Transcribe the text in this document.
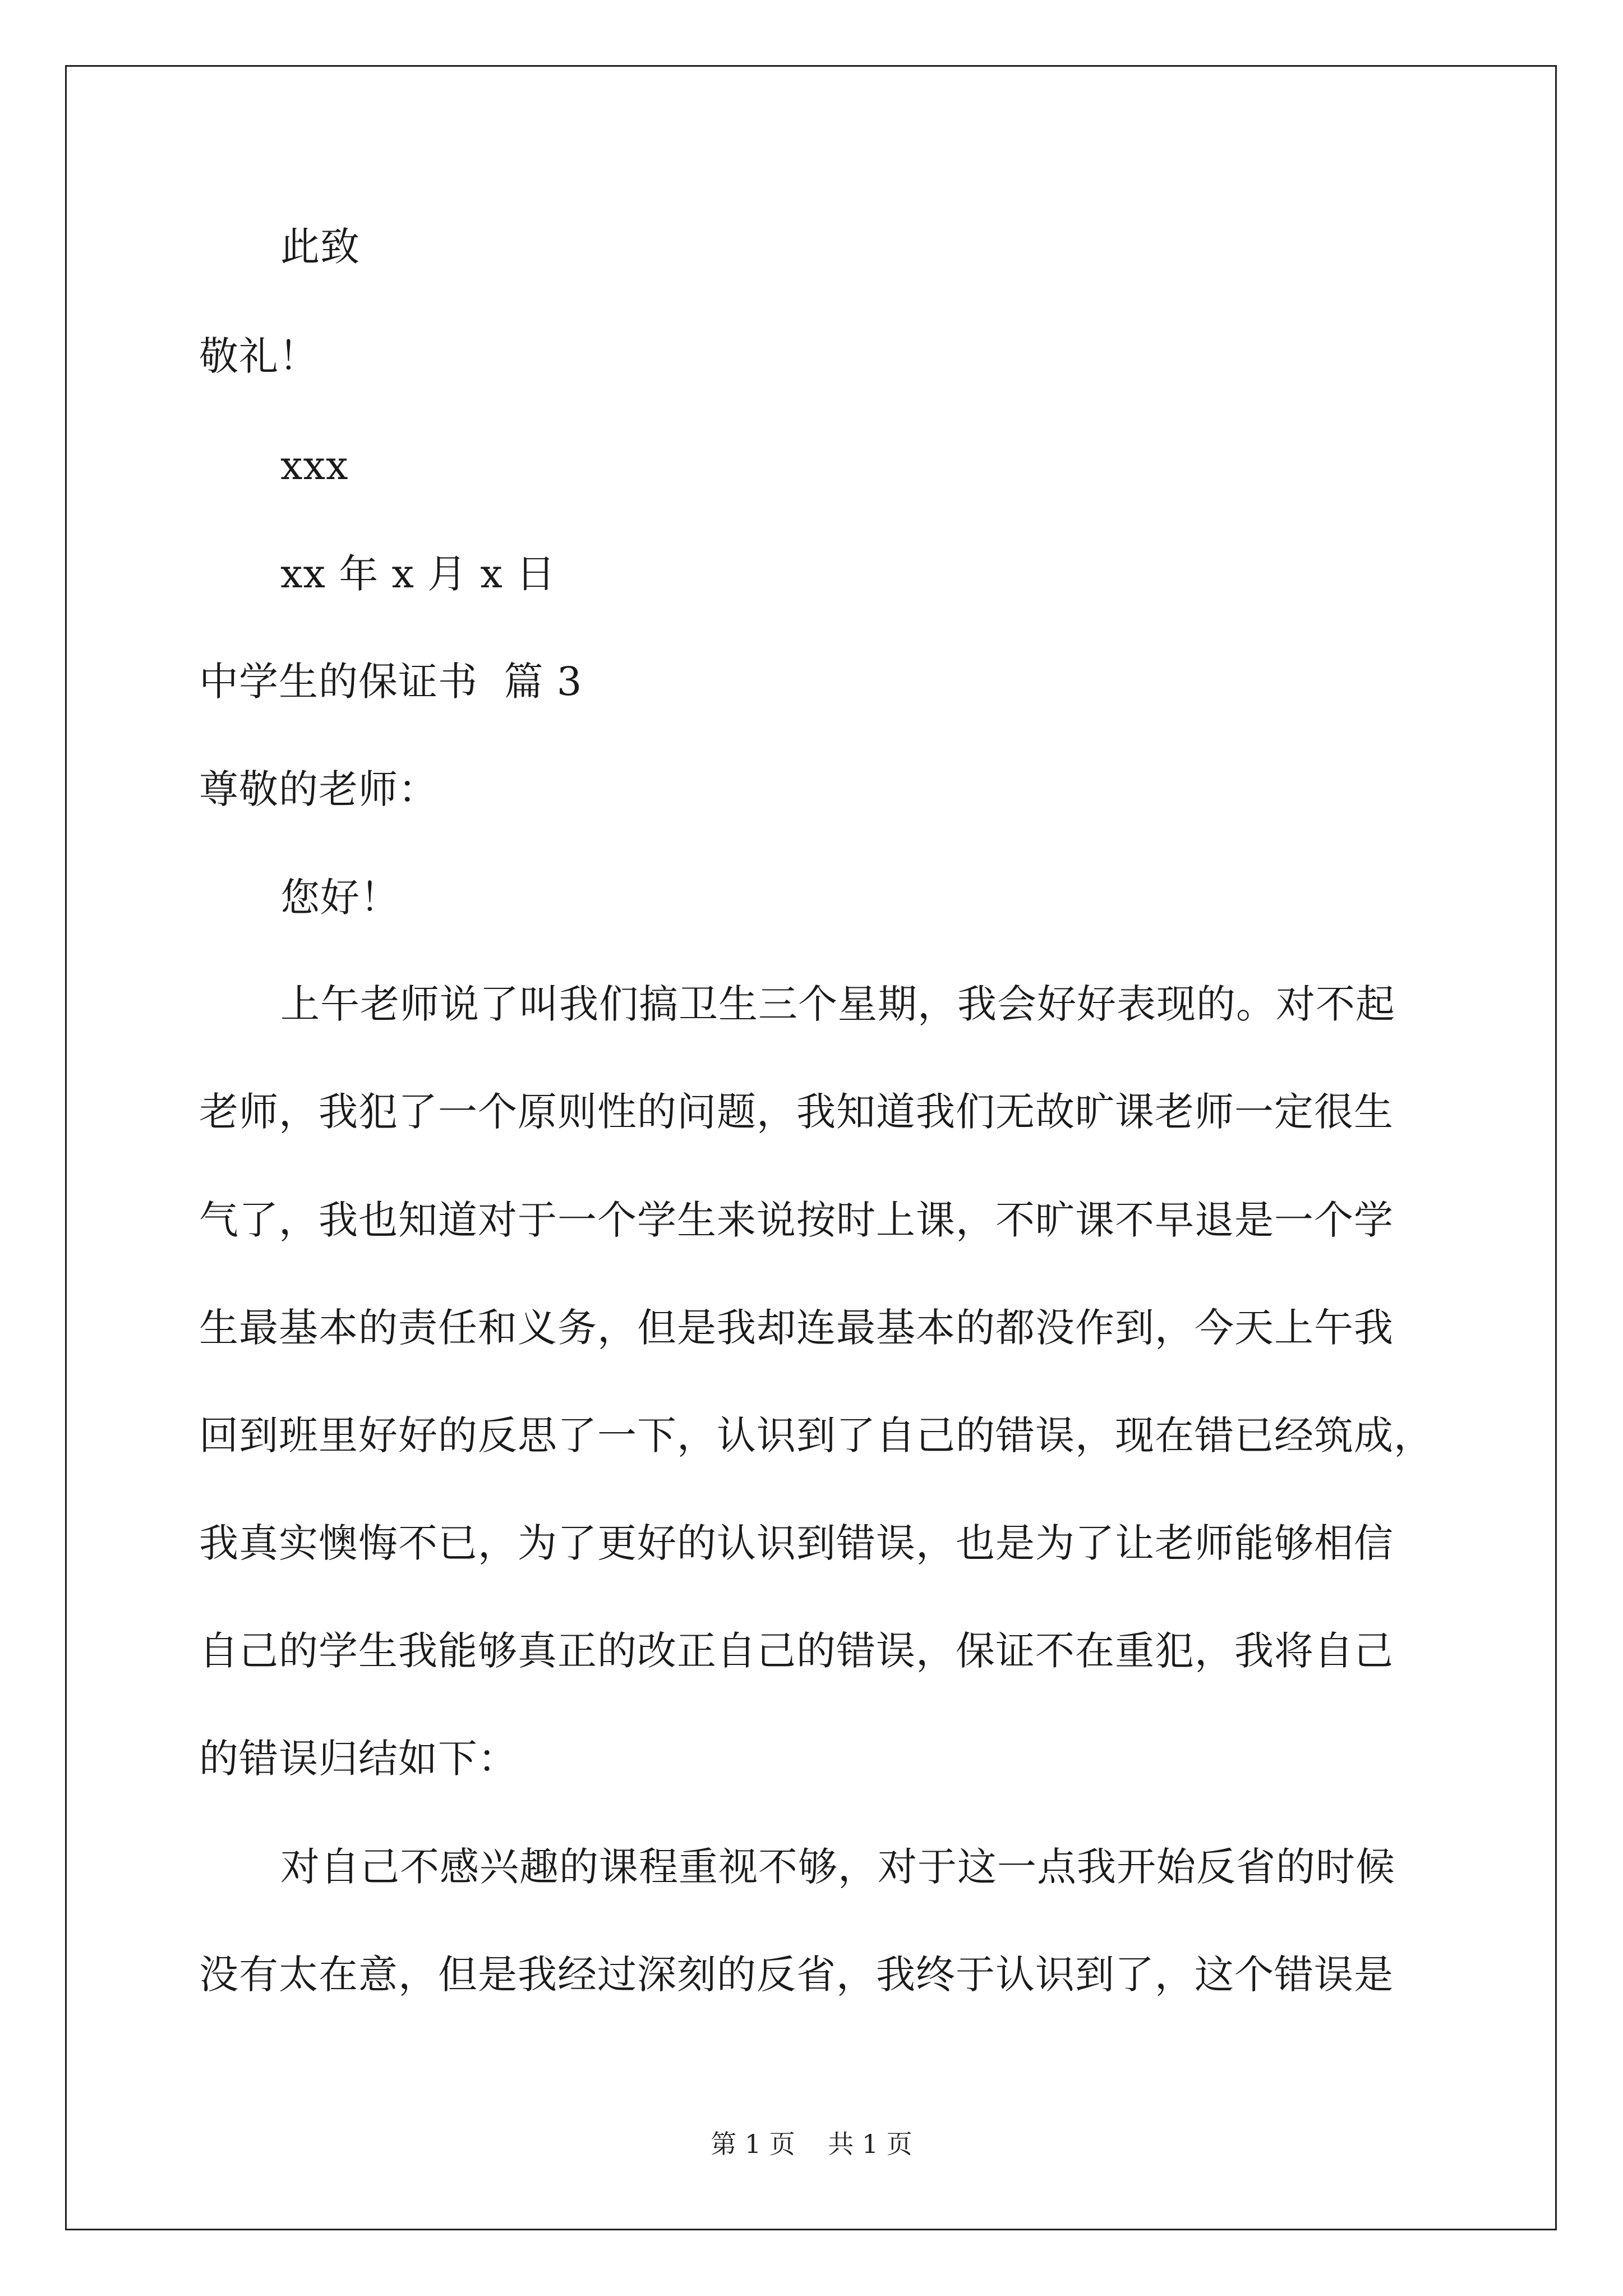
此致
敬礼！
xxx
xx 年 x 月 x 日
中学生的保证书  篇 3
尊敬的老师：
您好！
上午老师说了叫我们搞卫生三个星期，我会好好表现的。对不起
老师，我犯了一个原则性的问题，我知道我们无故旷课老师一定很生
气了，我也知道对于一个学生来说按时上课，不旷课不早退是一个学
生最基本的责任和义务，但是我却连最基本的都没作到，今天上午我
回到班里好好的反思了一下，认识到了自己的错误，现在错已经筑成，
我真实懊悔不已，为了更好的认识到错误，也是为了让老师能够相信
自己的学生我能够真正的改正自己的错误，保证不在重犯，我将自己
的错误归结如下：
对自己不感兴趣的课程重视不够，对于这一点我开始反省的时候
没有太在意，但是我经过深刻的反省，我终于认识到了，这个错误是
第 1 页    共 1 页
